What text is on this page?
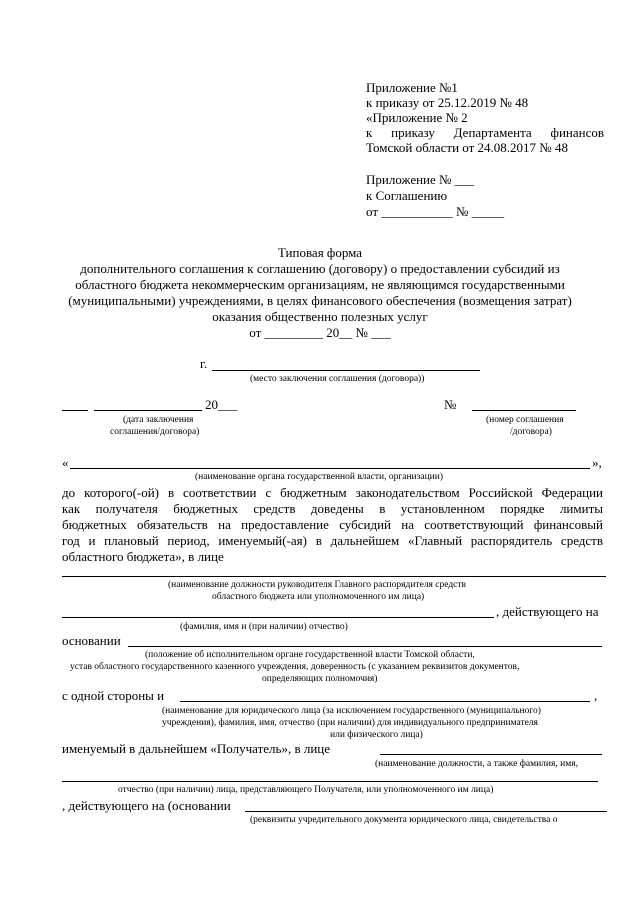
Приложение №1
к приказу от 25.12.2019 № 48
«Приложение № 2
к приказу Департамента финансов
Томской области от 24.08.2017 № 48
Приложение № ___
к Соглашению
от ___________ № _____
Типовая форма
дополнительного соглашения к соглашению (договору) о предоставлении субсидий из
областного бюджета некоммерческим организациям, не являющимся государственными
(муниципальными) учреждениями, в целях финансового обеспечения (возмещения затрат)
оказания общественно полезных услуг
от _________ 20__ № ___
г.
(место заключения соглашения (договора))
20___	№
(дата заключения
соглашения/договора)
(номер соглашения
/договора)
«	»,
(наименование органа государственной власти, организации)
до которого(-ой) в соответствии с бюджетным законодательством Российской Федерации
как получателя бюджетных средств доведены в установленном порядке лимиты
бюджетных обязательств на предоставление субсидий на соответствующий финансовый
год и плановый период, именуемый(-ая) в дальнейшем «Главный распорядитель средств
областного бюджета», в лице
(наименование должности руководителя Главного распорядителя средств
областного бюджета или уполномоченного им лица)
, действующего на
(фамилия, имя и (при наличии) отчество)
основании
(положение об исполнительном органе государственной власти Томской области,
устав областного государственного казенного учреждения, доверенность (с указанием реквизитов документов,
определяющих полномочия)
с одной стороны и	,
(наименование для юридического лица (за исключением государственного (муниципального)
учреждения), фамилия, имя, отчество (при наличии) для индивидуального предпринимателя
или физического лица)
именуемый в дальнейшем «Получатель», в лице
(наименование должности, а также фамилия, имя,
отчество (при наличии) лица, представляющего Получателя, или уполномоченного им лица)
, действующего на (основании
(реквизиты учредительного документа юридического лица, свидетельства о
